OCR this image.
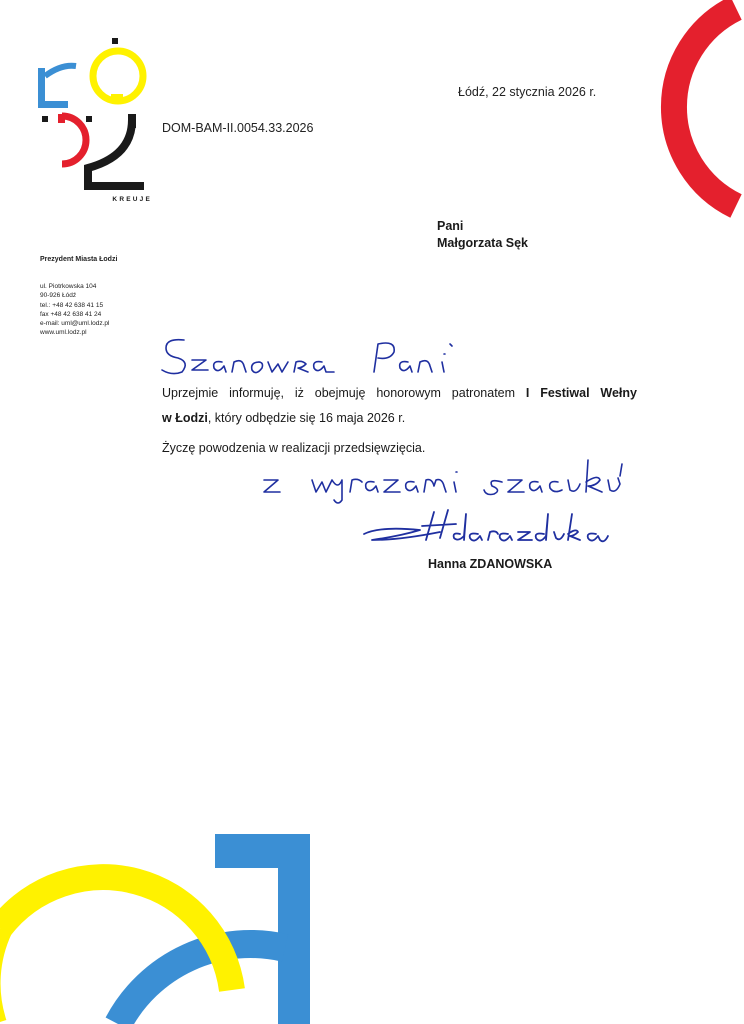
KREUJE
Prezydent Miasta Łodzi
ul. Piotrkowska 104
90-926 Łódź
tel.: +48 42 638 41 15
fax +48 42 638 41 24
e-mail: uml@uml.lodz.pl
www.uml.lodz.pl
DOM-BAM-II.0054.33.2026
Łódź, 22 stycznia 2026 r.
Pani
Małgorzata Sęk

Uprzejmie informuję, iż obejmuję honorowym patronatem I Festiwal Wełny

w Łodzi, który odbędzie się 16 maja 2026 r.

Życzę powodzenia w realizacji przedsięwzięcia.

Hanna ZDANOWSKA
